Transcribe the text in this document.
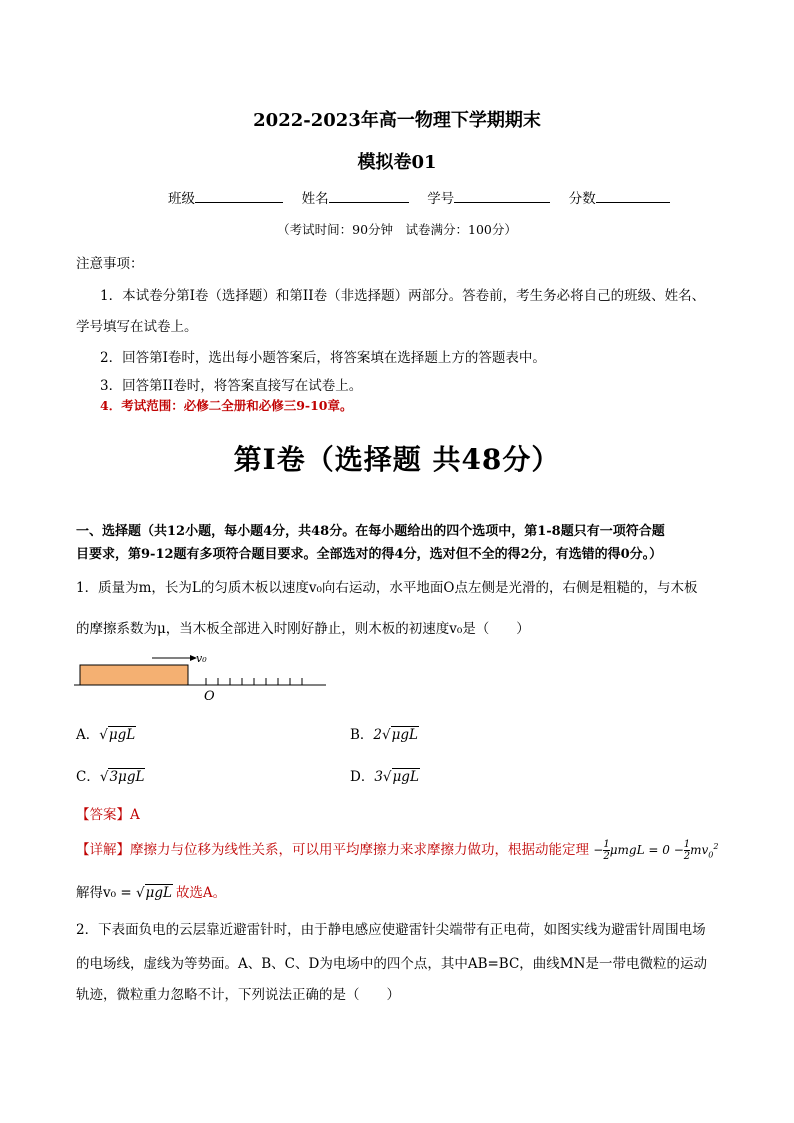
2022-2023年高一物理下学期期末
模拟卷01
班级	姓名	学号	分数
（考试时间：90分钟　试卷满分：100分）
注意事项：
1．本试卷分第I卷（选择题）和第II卷（非选择题）两部分。答卷前，考生务必将自己的班级、姓名、
学号填写在试卷上。
2．回答第I卷时，选出每小题答案后，将答案填在选择题上方的答题表中。
3．回答第II卷时，将答案直接写在试卷上。
4．考试范围：必修二全册和必修三9-10章。
第I卷（选择题 共48分）
一、选择题（共12小题，每小题4分，共48分。在每小题给出的四个选项中，第1-8题只有一项符合题
目要求，第9-12题有多项符合题目要求。全部选对的得4分，选对但不全的得2分，有选错的得0分。）
1．质量为m，长为L的匀质木板以速度v₀向右运动，水平地面O点左侧是光滑的，右侧是粗糙的，与木板
的摩擦系数为μ，当木板全部进入时刚好静止，则木板的初速度v₀是（　　）
v₀
O
A．√μgL	B．2√μgL
C．√3μgL	D．3√μgL
【答案】A
【详解】摩擦力与位移为线性关系，可以用平均摩擦力来求摩擦力做功，根据动能定理 − $\frac{1}{2}$ $\mu mgL = 0 - \frac{1}{2} mv_0^2$
解得v₀ = √μgL 故选A。
2．下表面负电的云层靠近避雷针时，由于静电感应使避雷针尖端带有正电荷，如图实线为避雷针周围电场
的电场线，虚线为等势面。A、B、C、D为电场中的四个点，其中AB=BC，曲线MN是一带电微粒的运动
轨迹，微粒重力忽略不计，下列说法正确的是（　　）
